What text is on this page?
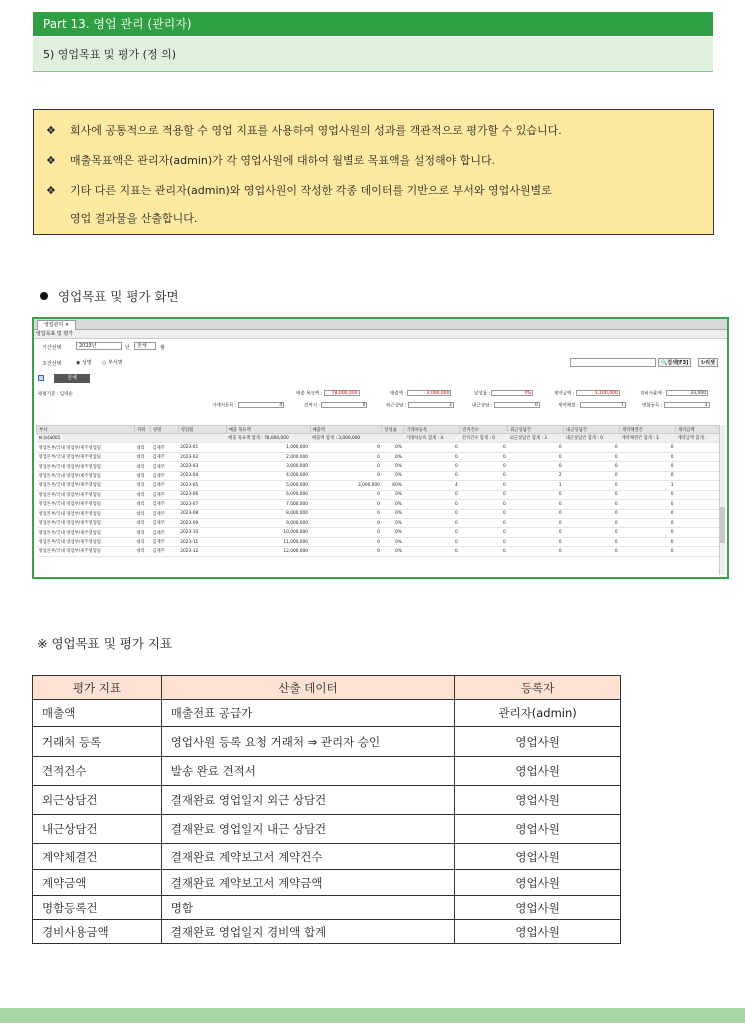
Part 13. 영업 관리 (관리자)
5) 영업목표 및 평가 (정 의)
❖ 회사에 공통적으로 적용할 수 영업 지표를 사용하여 영업사원의 성과를 객관적으로 평가할 수 있습니다.
❖ 매출목표액은 관리자(admin)가 각 영업사원에 대하여 월별로 목표액을 설정해야 합니다.
❖ 기타 다른 지표는 관리자(admin)와 영업사원이 작성한 각종 데이터를 기반으로 부서와 영업사원별로
영업 결과물을 산출합니다.
영업목표 및 평가 화면
영업관리 ×
영업목표 및 평가
기간선택	2023년	년	전체	월
조건선택	◉ 성명 ○ 부서명	🔍검색[F3]	↻리셋
전체
평평기준 : 입력순	매출 목표액 : 78,000,000	매출액 :	3,000,000	달성률 :	4%	계약금액 :	1,100,000	경비사용액 :	33,000
거래처등록 :	4	견적서 :	0	외근상담 :	3	내근상담 :	0	계약체결 :	1	명함등록 :	1
부서	직위	성명	영업월	매출 목표액	매출액	달성률	거래처등록	견적건수	외근상담건	내근상담건	계약체결건	계약금액
⊟ [e]a001				매출 목표액 합계 : 78,000,000	매출액 합계 : 3,000,000		거래처등록 합계 : 4	견적건수 합계 : 0	외근상담건 합계 : 3	내근상담건 합계 : 0	계약체결건 합계 : 1	계약금액 합계 :
영업본부/국내 영업부/제주영업팀	대리	김제주	2023-01	1,000,000	0	0%	0	0	0	0	0	
영업본부/국내 영업부/제주영업팀	대리	김제주	2023-02	2,000,000	0	0%	0	0	0	0	0	
영업본부/국내 영업부/제주영업팀	대리	김제주	2023-03	3,000,000	0	0%	0	0	0	0	0	
영업본부/국내 영업부/제주영업팀	대리	김제주	2023-04	4,000,000	0	0%	0	0	2	0	0	
영업본부/국내 영업부/제주영업팀	대리	김제주	2023-05	5,000,000	3,000,000	60%	4	0	1	0	1	
영업본부/국내 영업부/제주영업팀	대리	김제주	2023-06	6,000,000	0	0%	0	0	0	0	0	
영업본부/국내 영업부/제주영업팀	대리	김제주	2023-07	7,000,000	0	0%	0	0	0	0	0	
영업본부/국내 영업부/제주영업팀	대리	김제주	2023-08	8,000,000	0	0%	0	0	0	0	0	
영업본부/국내 영업부/제주영업팀	대리	김제주	2023-09	9,000,000	0	0%	0	0	0	0	0	
영업본부/국내 영업부/제주영업팀	대리	김제주	2023-10	10,000,000	0	0%	0	0	0	0	0	
영업본부/국내 영업부/제주영업팀	대리	김제주	2023-11	11,000,000	0	0%	0	0	0	0	0	
영업본부/국내 영업부/제주영업팀	대리	김제주	2023-12	12,000,000	0	0%	0	0	0	0	0	
※ 영업목표 및 평가 지표
평가 지표	산출 데이터	등록자
매출액	매출전표 공급가	관리자(admin)
거래처 등록	영업사원 등록 요청 거래처 ⇒ 관리자 승인	영업사원
견적건수	발송 완료 견적서	영업사원
외근상담건	결재완료 영업일지 외근 상담건	영업사원
내근상담건	결재완료 영업일지 내근 상담건	영업사원
계약체결건	결재완료 계약보고서 계약건수	영업사원
계약금액	결재완료 계약보고서 계약금액	영업사원
명함등록건	명함	영업사원
경비사용금액	결재완료 영업일지 경비액 합계	영업사원
